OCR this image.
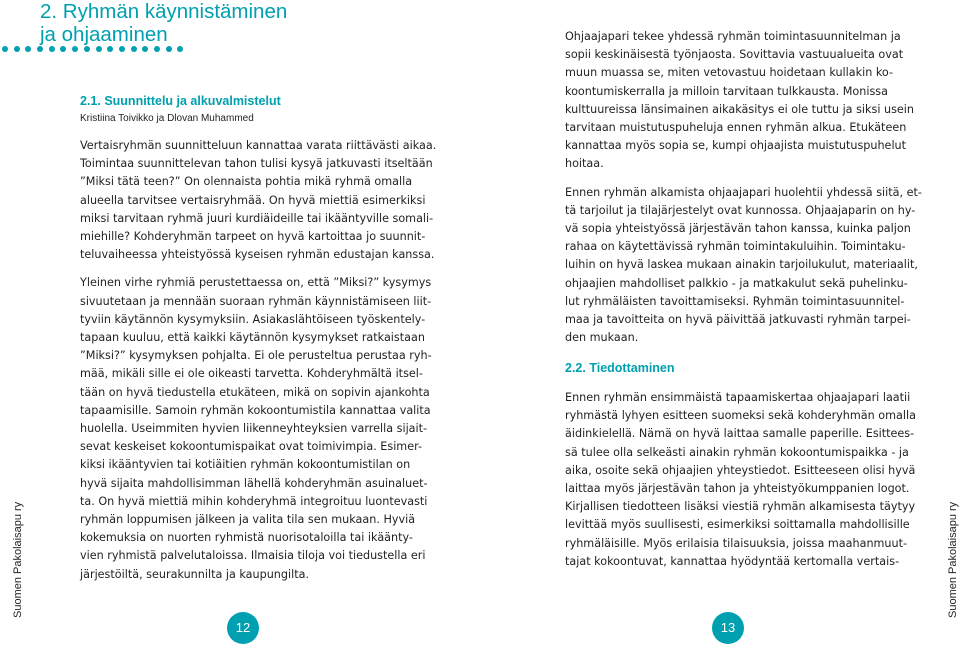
2. Ryhmän käynnistäminen
ja ohjaaminen
2.1. Suunnittelu ja alkuvalmistelut
Kristiina Toivikko ja Dlovan Muhammed
Vertaisryhmän suunnitteluun kannattaa varata riittävästi aikaa.
Toimintaa suunnittelevan tahon tulisi kysyä jatkuvasti itseltään
”Miksi tätä teen?” On olennaista pohtia mikä ryhmä omalla
alueella tarvitsee vertaisryhmää. On hyvä miettiä esimerkiksi
miksi tarvitaan ryhmä juuri kurdiäideille tai ikääntyville somali-
miehille? Kohderyhmän tarpeet on hyvä kartoittaa jo suunnit-
teluvaiheessa yhteistyössä kyseisen ryhmän edustajan kanssa.
Yleinen virhe ryhmiä perustettaessa on, että ”Miksi?” kysymys
sivuutetaan ja mennään suoraan ryhmän käynnistämiseen liit-
tyviin käytännön kysymyksiin. Asiakaslähtöiseen työskentely-
tapaan kuuluu, että kaikki käytännön kysymykset ratkaistaan
”Miksi?” kysymyksen pohjalta. Ei ole perusteltua perustaa ryh-
mää, mikäli sille ei ole oikeasti tarvetta. Kohderyhmältä itsel-
tään on hyvä tiedustella etukäteen, mikä on sopivin ajankohta
tapaamisille. Samoin ryhmän kokoontumistila kannattaa valita
huolella. Useimmiten hyvien liikenneyhteyksien varrella sijait-
sevat keskeiset kokoontumispaikat ovat toimivimpia. Esimer-
kiksi ikääntyvien tai kotiäitien ryhmän kokoontumistilan on
hyvä sijaita mahdollisimman lähellä kohderyhmän asuinaluet-
ta. On hyvä miettiä mihin kohderyhmä integroituu luontevasti
ryhmän loppumisen jälkeen ja valita tila sen mukaan. Hyviä
kokemuksia on nuorten ryhmistä nuorisotaloilla tai ikäänty-
vien ryhmistä palvelutaloissa. Ilmaisia tiloja voi tiedustella eri
järjestöiltä, seurakunnilta ja kaupungilta.
Suomen Pakolaisapu ry
12
Ohjaajapari tekee yhdessä ryhmän toimintasuunnitelman ja
sopii keskinäisestä työnjaosta. Sovittavia vastuualueita ovat
muun muassa se, miten vetovastuu hoidetaan kullakin ko-
koontumiskerralla ja milloin tarvitaan tulkkausta. Monissa
kulttuureissa länsimainen aikakäsitys ei ole tuttu ja siksi usein
tarvitaan muistutuspuheluja ennen ryhmän alkua. Etukäteen
kannattaa myös sopia se, kumpi ohjaajista muistutuspuhelut
hoitaa.
Ennen ryhmän alkamista ohjaajapari huolehtii yhdessä siitä, et-
tä tarjoilut ja tilajärjestelyt ovat kunnossa. Ohjaajaparin on hy-
vä sopia yhteistyössä järjestävän tahon kanssa, kuinka paljon
rahaa on käytettävissä ryhmän toimintakuluihin. Toimintaku-
luihin on hyvä laskea mukaan ainakin tarjoilukulut, materiaalit,
ohjaajien mahdolliset palkkio - ja matkakulut sekä puhelinku-
lut ryhmäläisten tavoittamiseksi. Ryhmän toimintasuunnitel-
maa ja tavoitteita on hyvä päivittää jatkuvasti ryhmän tarpei-
den mukaan.
2.2. Tiedottaminen
Ennen ryhmän ensimmäistä tapaamiskertaa ohjaajapari laatii
ryhmästä lyhyen esitteen suomeksi sekä kohderyhmän omalla
äidinkielellä. Nämä on hyvä laittaa samalle paperille. Esittees-
sä tulee olla selkeästi ainakin ryhmän kokoontumispaikka - ja
aika, osoite sekä ohjaajien yhteystiedot. Esitteeseen olisi hyvä
laittaa myös järjestävän tahon ja yhteistyökumppanien logot.
Kirjallisen tiedotteen lisäksi viestiä ryhmän alkamisesta täytyy
levittää myös suullisesti, esimerkiksi soittamalla mahdollisille
ryhmäläisille. Myös erilaisia tilaisuuksia, joissa maahanmuut-
tajat kokoontuvat, kannattaa hyödyntää kertomalla vertais-	Suomen Pakolaisapu ry
13
